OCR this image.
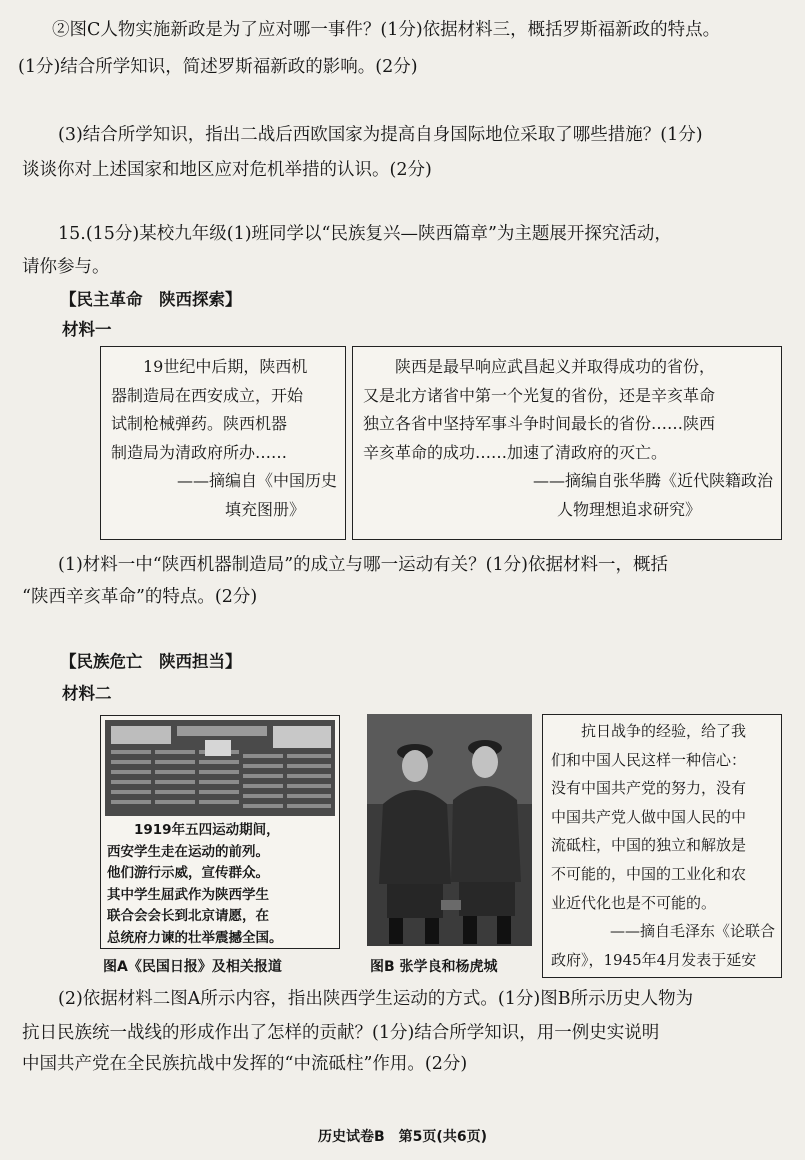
②图C人物实施新政是为了应对哪一事件？(1分)依据材料三，概括罗斯福新政的特点。
(1分)结合所学知识，简述罗斯福新政的影响。(2分)
(3)结合所学知识，指出二战后西欧国家为提高自身国际地位采取了哪些措施？(1分)
谈谈你对上述国家和地区应对危机举措的认识。(2分)
15.(15分)某校九年级(1)班同学以“民族复兴—陕西篇章”为主题展开探究活动，
请你参与。
【民主革命　陕西探索】
材料一

19世纪中后期，陕西机

器制造局在西安成立，开始

试制枪械弹药。陕西机器

制造局为清政府所办……

——摘编自《中国历史

填充图册》

陕西是最早响应武昌起义并取得成功的省份，

又是北方诸省中第一个光复的省份，还是辛亥革命

独立各省中坚持军事斗争时间最长的省份……陕西

辛亥革命的成功……加速了清政府的灭亡。

——摘编自张华腾《近代陕籍政治

人物理想追求研究》

(1)材料一中“陕西机器制造局”的成立与哪一运动有关？(1分)依据材料一，概括
“陕西辛亥革命”的特点。(2分)
【民族危亡　陕西担当】
材料二
1919年五四运动期间，
西安学生走在运动的前列。
他们游行示威，宣传群众。
其中学生屈武作为陕西学生
联合会会长到北京请愿，在
总统府力谏的壮举震撼全国。
图A《民国日报》及相关报道	图B 张学良和杨虎城

抗日战争的经验，给了我

们和中国人民这样一种信心：

没有中国共产党的努力，没有

中国共产党人做中国人民的中

流砥柱，中国的独立和解放是

不可能的，中国的工业化和农

业近代化也是不可能的。

——摘自毛泽东《论联合

政府》，1945年4月发表于延安

(2)依据材料二图A所示内容，指出陕西学生运动的方式。(1分)图B所示历史人物为
抗日民族统一战线的形成作出了怎样的贡献？(1分)结合所学知识，用一例史实说明
中国共产党在全民族抗战中发挥的“中流砥柱”作用。(2分)
历史试卷B　第5页(共6页)
